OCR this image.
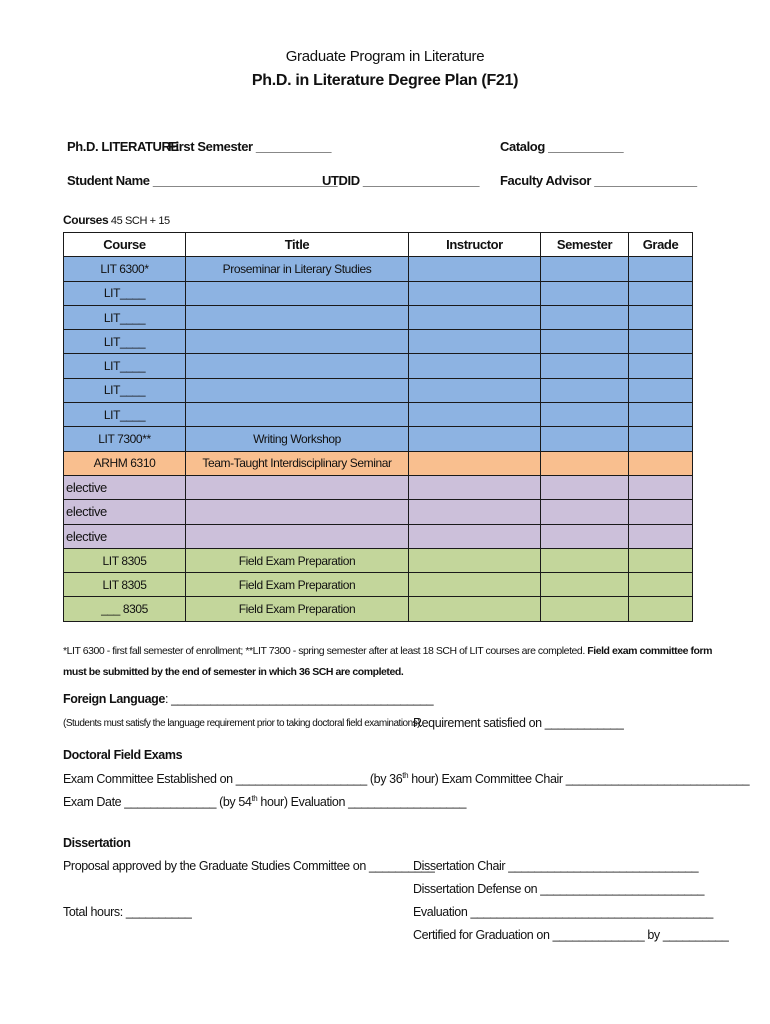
Graduate Program in Literature
Ph.D. in Literature Degree Plan (F21)
Ph.D. LITERATURE
First Semester ___________	Catalog ___________
Student Name ___________________________
UTDID _________________ Faculty Advisor _______________
Courses 45 SCH + 15
Course	Title	Instructor	Semester	Grade
LIT 6300*	Proseminar in Literary Studies			
LIT____				
LIT____				
LIT____				
LIT____				
LIT____				
LIT____				
LIT 7300**	Writing Workshop			
ARHM 6310	Team-Taught Interdisciplinary Seminar			
elective				
elective				
elective				
LIT 8305	Field Exam Preparation			
LIT 8305	Field Exam Preparation			
___ 8305	Field Exam Preparation			
*LIT 6300 - first fall semester of enrollment; **LIT 7300 - spring semester after at least 18 SCH of LIT courses are completed. Field exam committee form must be submitted by the end of semester in which 36 SCH are completed.
Foreign Language: ________________________________________
(Students must satisfy the language requirement prior to taking doctoral field examinations).
Requirement satisfied on ____________
Doctoral Field Exams
Exam Committee Established on ____________________ (by 36th hour) Exam Committee Chair ____________________________
Exam Date ______________ (by 54th hour) Evaluation __________________
Dissertation
Proposal approved by the Graduate Studies Committee on __________
Total hours: __________
Dissertation Chair _____________________________
Dissertation Defense on _________________________
Evaluation _____________________________________
Certified for Graduation on ______________ by __________
